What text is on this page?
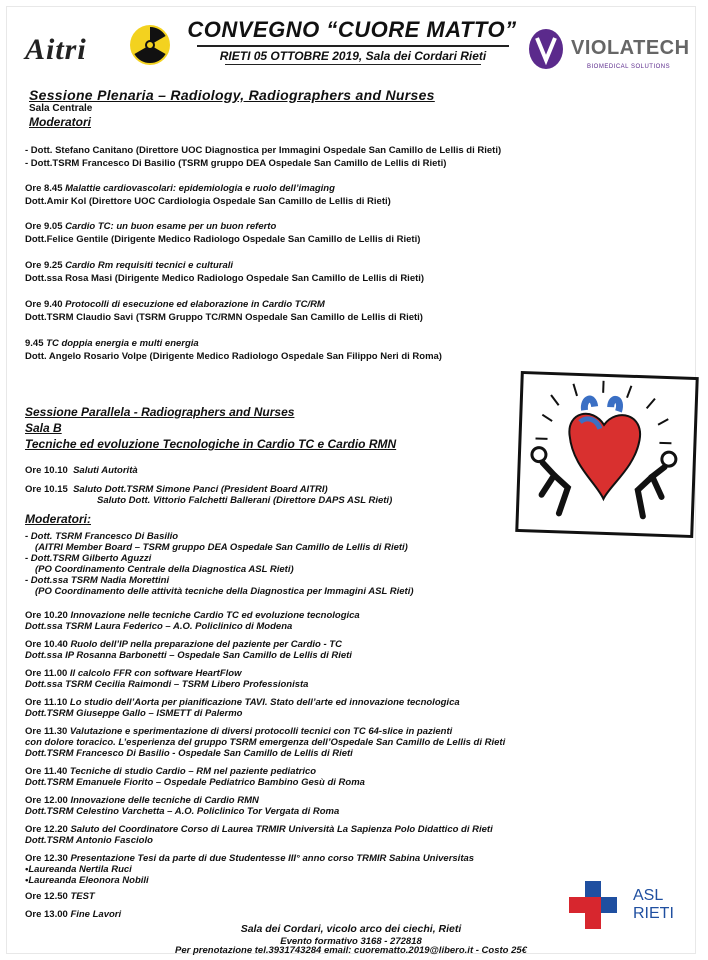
Aitri
CONVEGNO “CUORE MATTO”
RIETI 05 OTTOBRE 2019, Sala dei Cordari Rieti	VIOLATECH
BIOMEDICAL SOLUTIONS
Sessione Plenaria – Radiology, Radiographers and Nurses
Sala Centrale
Moderatori
- Dott. Stefano Canitano (Direttore UOC Diagnostica per Immagini Ospedale San Camillo de Lellis di Rieti)
- Dott.TSRM Francesco Di Basilio (TSRM gruppo DEA Ospedale San Camillo de Lellis di Rieti)
Ore 8.45 Malattie cardiovascolari: epidemiologia e ruolo dell’imaging
Dott.Amir Kol (Direttore UOC Cardiologia Ospedale San Camillo de Lellis di Rieti)
Ore 9.05 Cardio TC: un buon esame per un buon referto
Dott.Felice Gentile (Dirigente Medico Radiologo Ospedale San Camillo de Lellis di Rieti)
Ore 9.25 Cardio Rm requisiti tecnici e culturali
Dott.ssa Rosa Masi (Dirigente Medico Radiologo Ospedale San Camillo de Lellis di Rieti)
Ore 9.40 Protocolli di esecuzione ed elaborazione in Cardio TC/RM
Dott.TSRM Claudio Savi (TSRM Gruppo TC/RMN Ospedale San Camillo de Lellis di Rieti)
9.45 TC doppia energia e multi energia
Dott. Angelo Rosario Volpe (Dirigente Medico Radiologo Ospedale San Filippo Neri di Roma)
Sessione Parallela - Radiographers and Nurses
Sala B
Tecniche ed evoluzione Tecnologiche in Cardio TC e Cardio RMN
Ore 10.10 Saluti Autorità
Ore 10.15 Saluto Dott.TSRM Simone Panci (President Board AITRI)
Saluto Dott. Vittorio Falchetti Ballerani (Direttore DAPS ASL Rieti)
Moderatori:
- Dott. TSRM Francesco Di Basilio
(AITRI Member Board – TSRM gruppo DEA Ospedale San Camillo de Lellis di Rieti)
- Dott.TSRM Gilberto Aguzzi
(PO Coordinamento Centrale della Diagnostica ASL Rieti)
- Dott.ssa TSRM Nadia Morettini
(PO Coordinamento delle attività tecniche della Diagnostica per Immagini ASL Rieti)
Ore 10.20 Innovazione nelle tecniche Cardio TC ed evoluzione tecnologica
Dott.ssa TSRM Laura Federico – A.O. Policlinico di Modena
Ore 10.40 Ruolo dell’IP nella preparazione del paziente per Cardio - TC
Dott.ssa IP Rosanna Barbonetti – Ospedale San Camillo de Lellis di Rieti
Ore 11.00 Il calcolo FFR con software HeartFlow
Dott.ssa TSRM Cecilia Raimondi – TSRM Libero Professionista
Ore 11.10 Lo studio dell’Aorta per pianificazione TAVI. Stato dell’arte ed innovazione tecnologica
Dott.TSRM Giuseppe Gallo – ISMETT di Palermo
Ore 11.30 Valutazione e sperimentazione di diversi protocolli tecnici con TC 64-slice in pazienti
con dolore toracico. L’esperienza del gruppo TSRM emergenza dell’Ospedale San Camillo de Lellis di Rieti
Dott.TSRM Francesco Di Basilio - Ospedale San Camillo de Lellis di Rieti
Ore 11.40 Tecniche di studio Cardio – RM nel paziente pediatrico
Dott.TSRM Emanuele Fiorito – Ospedale Pediatrico Bambino Gesù di Roma
Ore 12.00 Innovazione delle tecniche di Cardio RMN
Dott.TSRM Celestino Varchetta – A.O. Policlinico Tor Vergata di Roma
Ore 12.20 Saluto del Coordinatore Corso di Laurea TRMIR Università La Sapienza Polo Didattico di Rieti
Dott.TSRM Antonio Fasciolo
Ore 12.30 Presentazione Tesi da parte di due Studentesse III° anno corso TRMIR Sabina Universitas
•Laureanda Nertila Ruci
•Laureanda Eleonora Nobili
Ore 12.50 TEST
Ore 13.00 Fine Lavori
ASL
RIETI
Sala dei Cordari, vicolo arco dei ciechi, Rieti
Evento formativo 3168 - 272818
Per prenotazione tel.3931743284 email: cuorematto.2019@libero.it - Costo 25€
